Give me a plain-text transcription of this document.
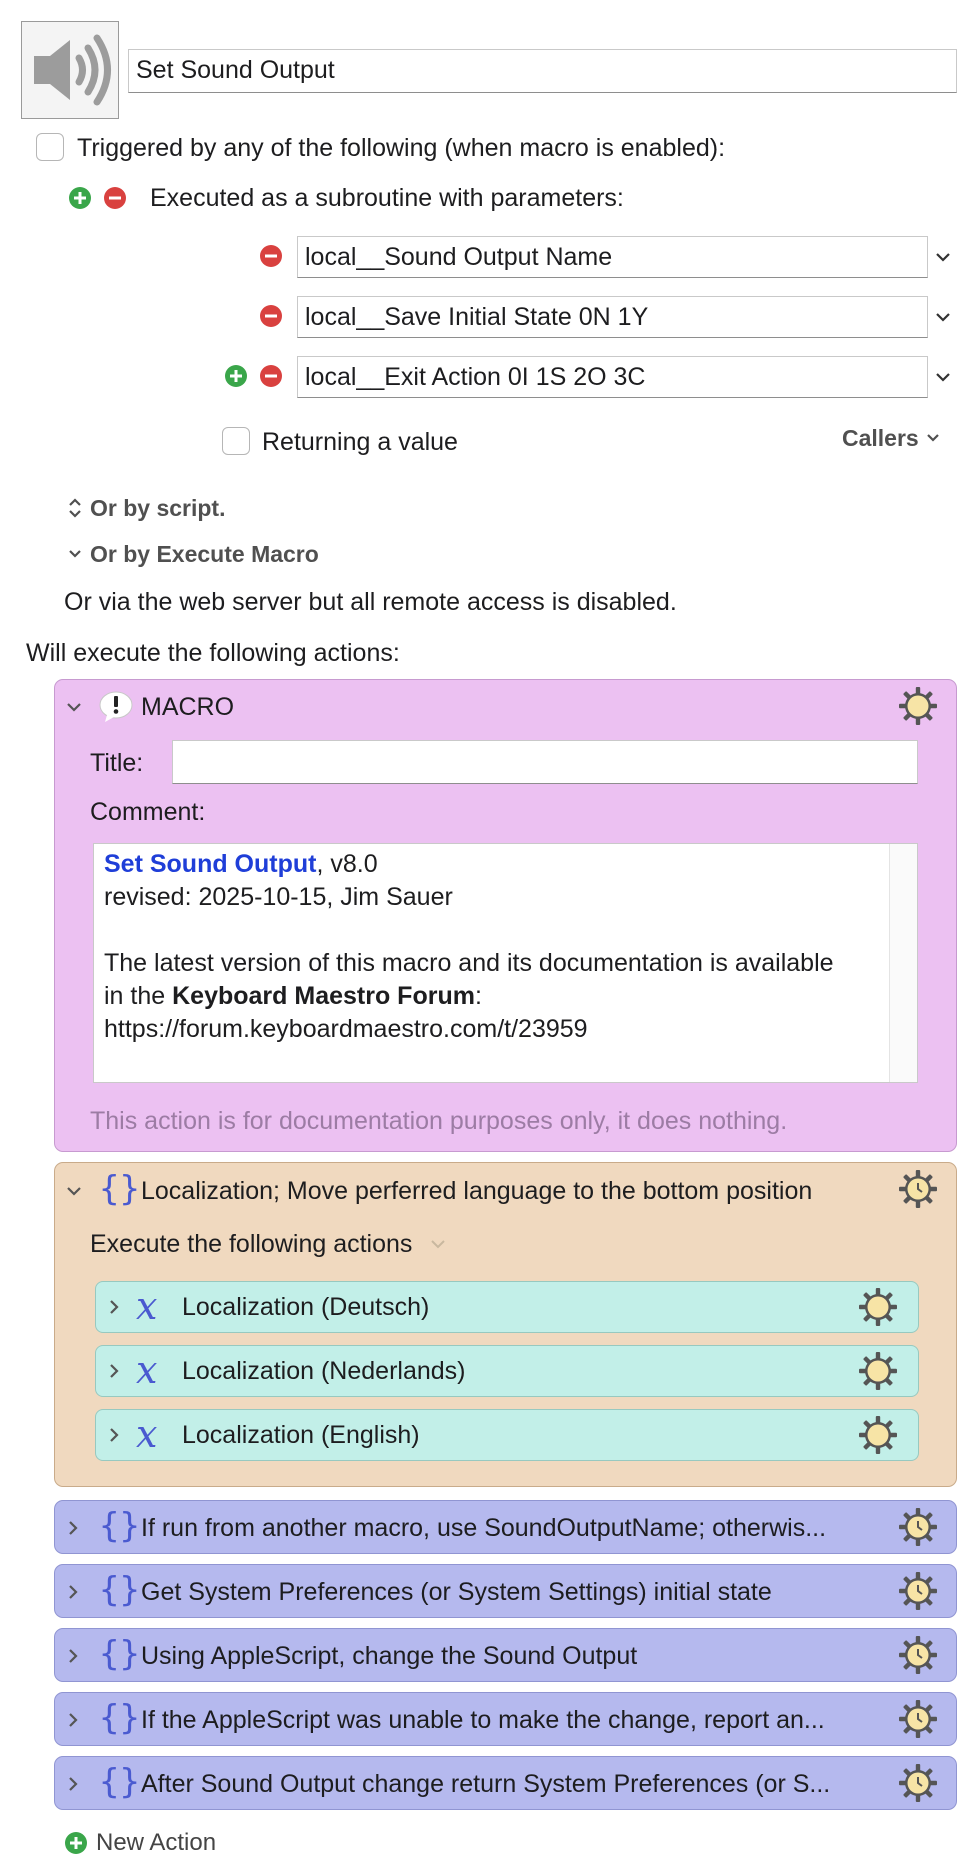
Set Sound Output
Triggered by any of the following (when macro is enabled):
Executed as a subroutine with parameters:
local__Sound Output Name
local__Save Initial State 0N 1Y
local__Exit Action 0I 1S 2O 3C
Returning a value	Callers
Or by script.
Or by Execute Macro
Or via the web server but all remote access is disabled.
Will execute the following actions:
MACRO
Title:
Comment:
Set Sound Output, v8.0
revised: 2025-10-15, Jim Sauer
The latest version of this macro and its documentation is available
in the Keyboard Maestro Forum:
https://forum.keyboardmaestro.com/t/23959
This action is for documentation purposes only, it does nothing.
{} Localization; Move perferred language to the bottom position
Execute the following actions
𝑥 Localization (Deutsch)
𝑥 Localization (Nederlands)
𝑥 Localization (English)
{} If run from another macro, use SoundOutputName; otherwis...
{} Get System Preferences (or System Settings) initial state
{} Using AppleScript, change the Sound Output
{} If the AppleScript was unable to make the change, report an...
{} After Sound Output change return System Preferences (or S...
New Action
